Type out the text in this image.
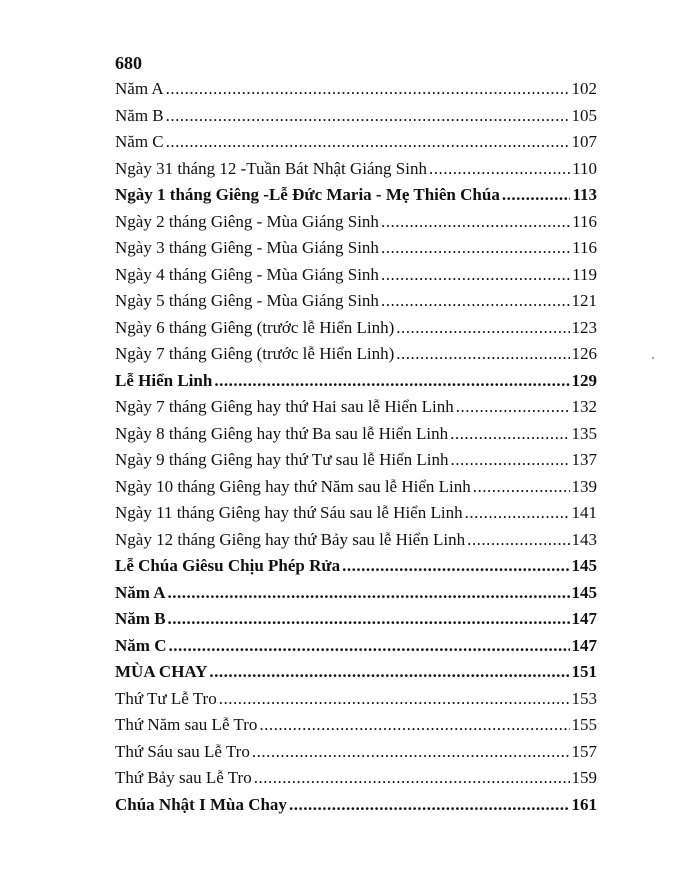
680
Năm A .....	102
Năm B .....	105
Năm C .....	107
Ngày 31 tháng 12 -Tuần Bát Nhật Giáng Sinh .....	110
Ngày 1 tháng Giêng -Lễ Đức Maria - Mẹ Thiên Chúa .....	113
Ngày 2 tháng Giêng - Mùa Giáng Sinh .....	116
Ngày 3 tháng Giêng - Mùa Giáng Sinh .....	116
Ngày 4 tháng Giêng - Mùa Giáng Sinh .....	119
Ngày 5 tháng Giêng - Mùa Giáng Sinh .....	121
Ngày 6 tháng Giêng (trước lễ Hiển Linh) .....	123
Ngày 7 tháng Giêng (trước lễ Hiển Linh) .....	126
Lễ Hiển Linh .....	129
Ngày 7 tháng Giêng hay thứ Hai sau lễ Hiển Linh .....	132
Ngày 8 tháng Giêng hay thứ Ba sau lễ Hiển Linh .....	135
Ngày 9 tháng Giêng hay thứ Tư sau lễ Hiển Linh .....	137
Ngày 10 tháng Giêng hay thứ Năm sau lễ Hiển Linh .....	139
Ngày 11 tháng Giêng hay thứ Sáu sau lễ Hiển Linh .....	141
Ngày 12 tháng Giêng hay thứ Bảy sau lễ Hiển Linh .....	143
Lễ Chúa Giêsu Chịu Phép Rửa .....	145
Năm A .....	145
Năm B .....	147
Năm C .....	147
MÙA CHAY .....	151
Thứ Tư Lễ Tro .....	153
Thứ Năm sau Lễ Tro .....	155
Thứ Sáu sau Lễ Tro .....	157
Thứ Bảy sau Lễ Tro .....	159
Chúa Nhật I Mùa Chay .....	161
